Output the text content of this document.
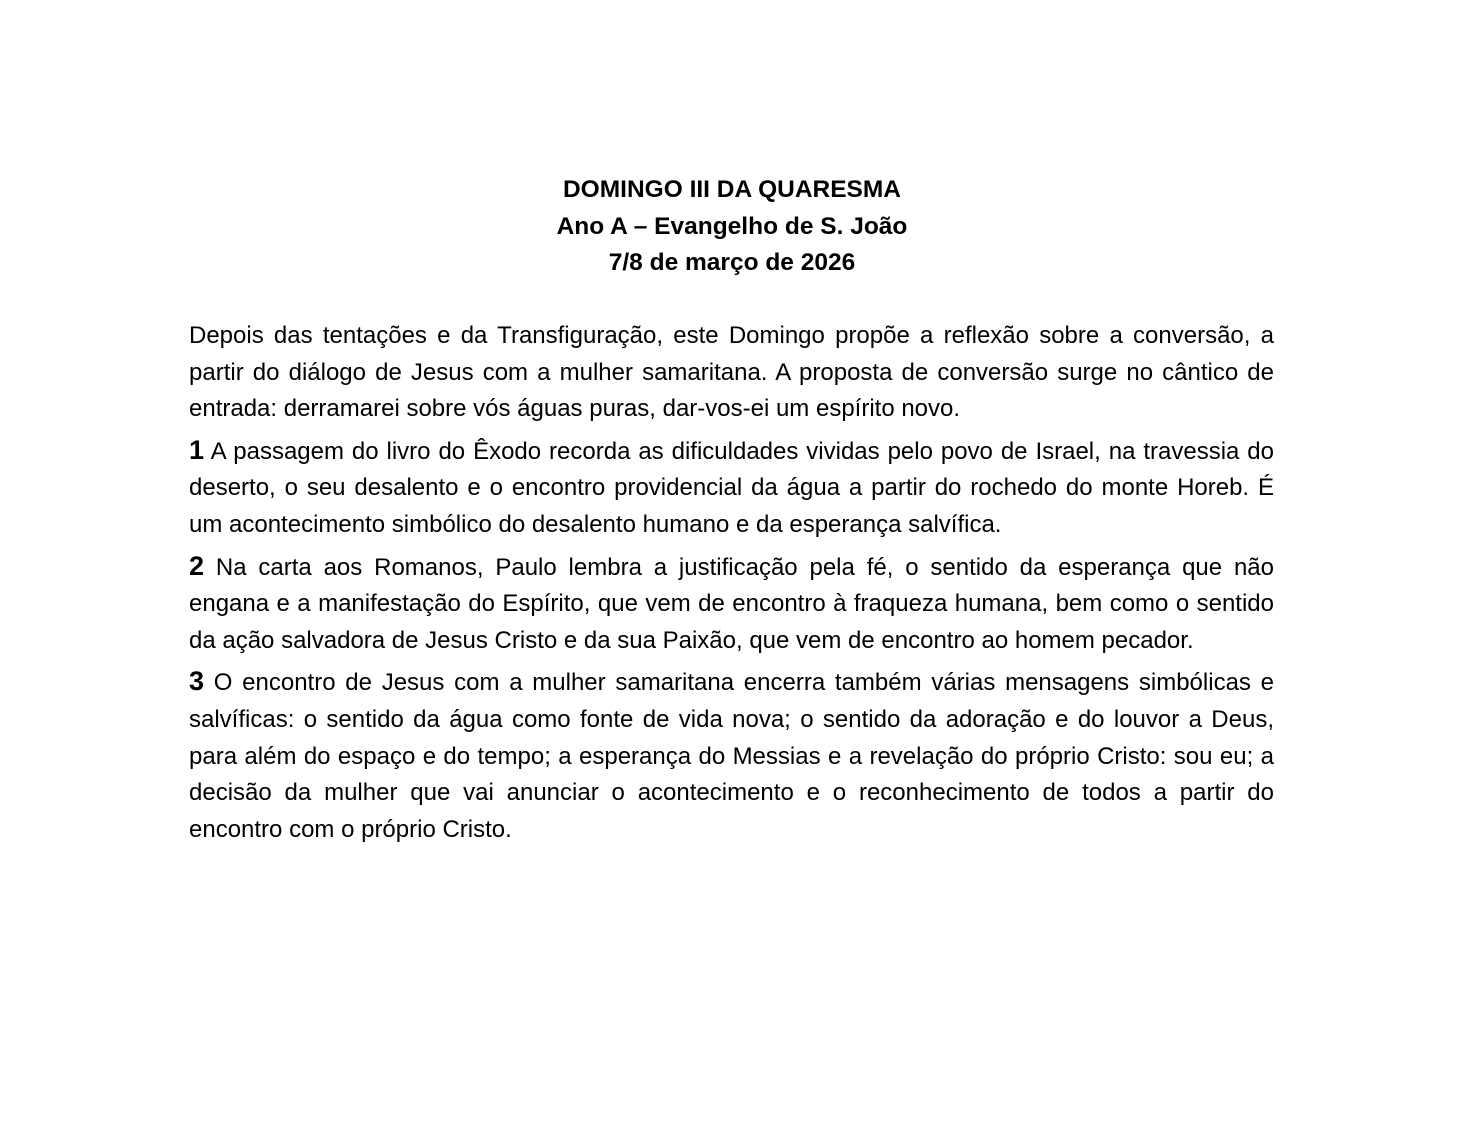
DOMINGO III DA QUARESMA
Ano A – Evangelho de S. João
7/8 de março de 2026

Depois das tentações e da Transfiguração, este Domingo propõe a reflexão sobre a conversão, a partir do diálogo de Jesus com a mulher samaritana. A proposta de conversão surge no cântico de entrada: derramarei sobre vós águas puras, dar-vos-ei um espírito novo.

1 A passagem do livro do Êxodo recorda as dificuldades vividas pelo povo de Israel, na travessia do deserto, o seu desalento e o encontro providencial da água a partir do rochedo do monte Horeb. É um acontecimento simbólico do desalento humano e da esperança salvífica.

2 Na carta aos Romanos, Paulo lembra a justificação pela fé, o sentido da esperança que não engana e a manifestação do Espírito, que vem de encontro à fraqueza humana, bem como o sentido da ação salvadora de Jesus Cristo e da sua Paixão, que vem de encontro ao homem pecador.

3 O encontro de Jesus com a mulher samaritana encerra também várias mensagens simbólicas e salvíficas: o sentido da água como fonte de vida nova; o sentido da adoração e do louvor a Deus, para além do espaço e do tempo; a esperança do Messias e a revelação do próprio Cristo: sou eu; a decisão da mulher que vai anunciar o acontecimento e o reconhecimento de todos a partir do encontro com o próprio Cristo.
